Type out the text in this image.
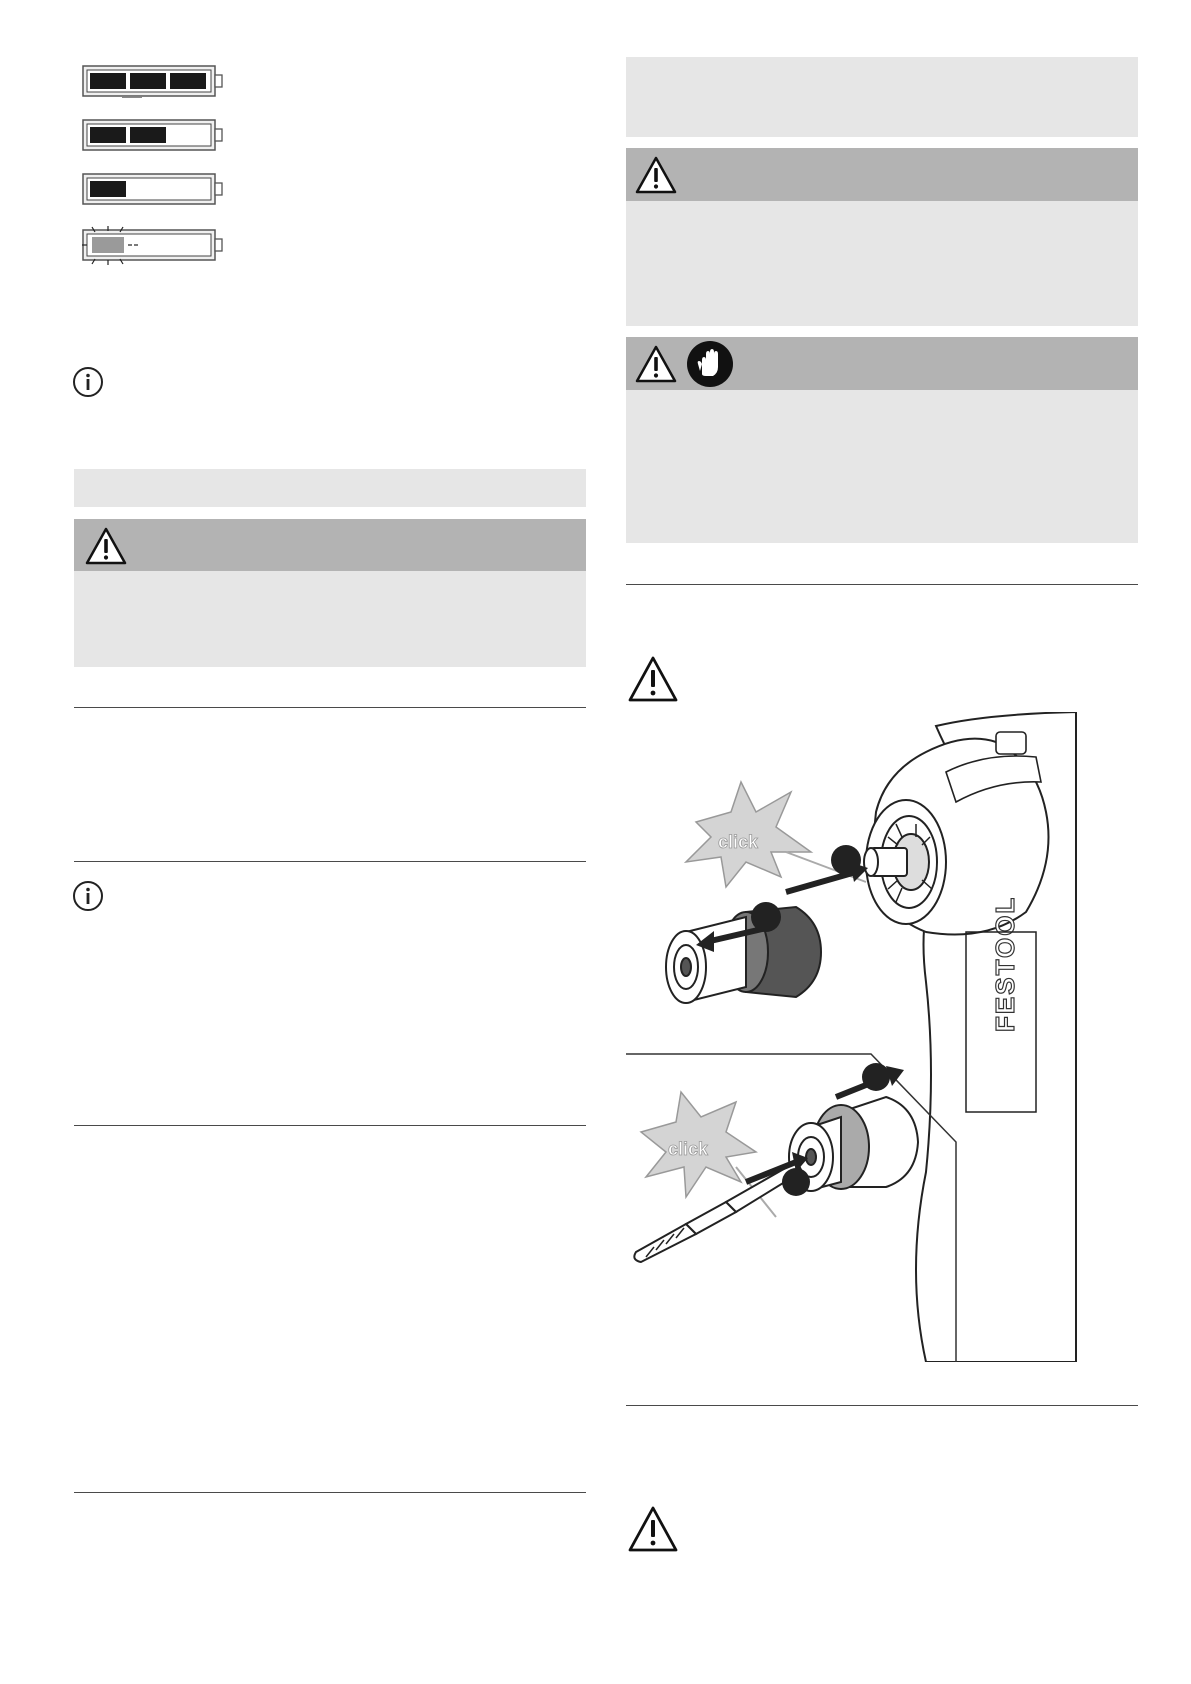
FESTOOL
click
click
